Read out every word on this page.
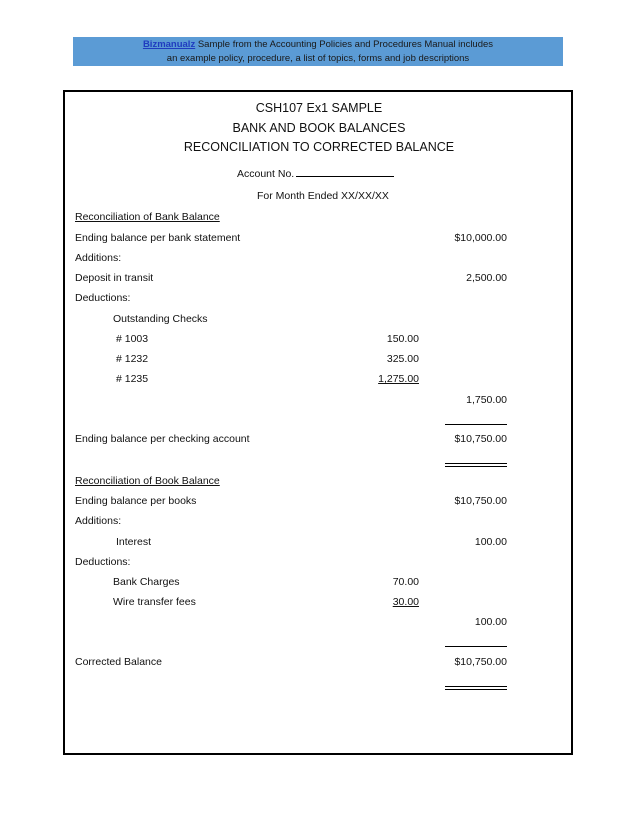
Bizmanualz Sample from the Accounting Policies and Procedures Manual includes
an example policy, procedure, a list of topics, forms and job descriptions
CSH107 Ex1 SAMPLE
BANK AND BOOK BALANCES
RECONCILIATION TO CORRECTED BALANCE
Account No.
For Month Ended XX/XX/XX
Reconciliation of Bank Balance
Ending balance per bank statement	$10,000.00
Additions:
Deposit in transit	2,500.00
Deductions:
Outstanding Checks
# 1003	150.00
# 1232	325.00
# 1235	1,275.00
1,750.00
Ending balance per checking account	$10,750.00
Reconciliation of Book Balance
Ending balance per books	$10,750.00
Additions:
Interest	100.00
Deductions:
Bank Charges	70.00
Wire transfer fees	30.00
100.00
Corrected Balance	$10,750.00
